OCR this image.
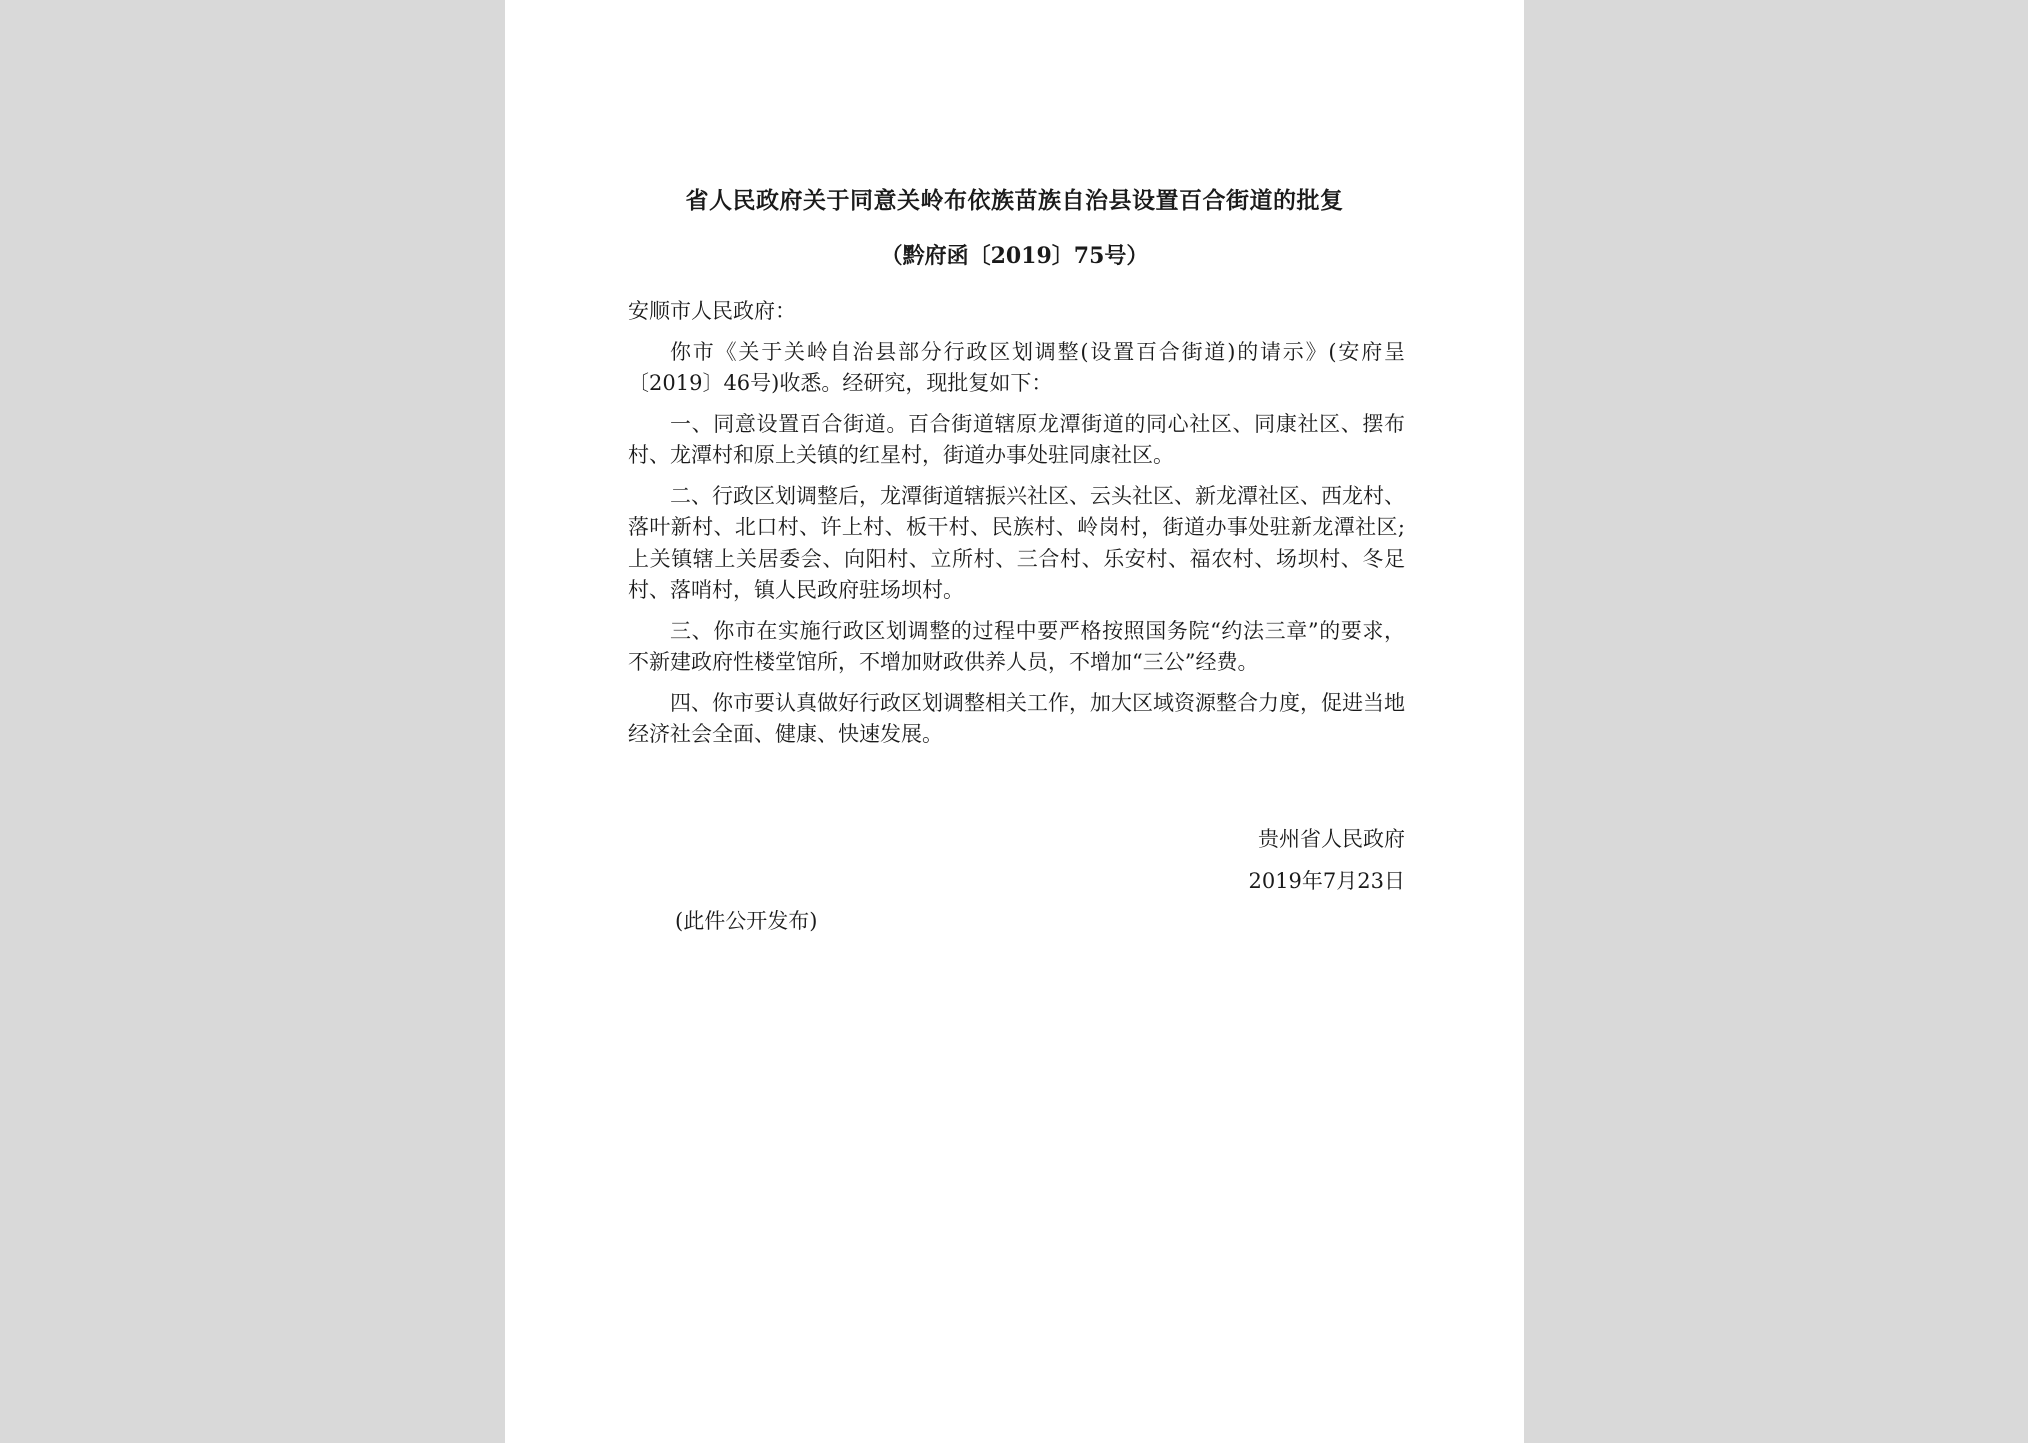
省人民政府关于同意关岭布依族苗族自治县设置百合街道的批复
（黔府函〔2019〕75号）
安顺市人民政府：
你市《关于关岭自治县部分行政区划调整(设置百合街道)的请示》(安府呈〔2019〕46号)收悉。经研究，现批复如下：
一、同意设置百合街道。百合街道辖原龙潭街道的同心社区、同康社区、摆布村、龙潭村和原上关镇的红星村，街道办事处驻同康社区。
二、行政区划调整后，龙潭街道辖振兴社区、云头社区、新龙潭社区、西龙村、落叶新村、北口村、许上村、板干村、民族村、岭岗村，街道办事处驻新龙潭社区;上关镇辖上关居委会、向阳村、立所村、三合村、乐安村、福农村、场坝村、冬足村、落哨村，镇人民政府驻场坝村。
三、你市在实施行政区划调整的过程中要严格按照国务院“约法三章”的要求，不新建政府性楼堂馆所，不增加财政供养人员，不增加“三公”经费。
四、你市要认真做好行政区划调整相关工作，加大区域资源整合力度，促进当地经济社会全面、健康、快速发展。
贵州省人民政府
2019年7月23日
(此件公开发布)
